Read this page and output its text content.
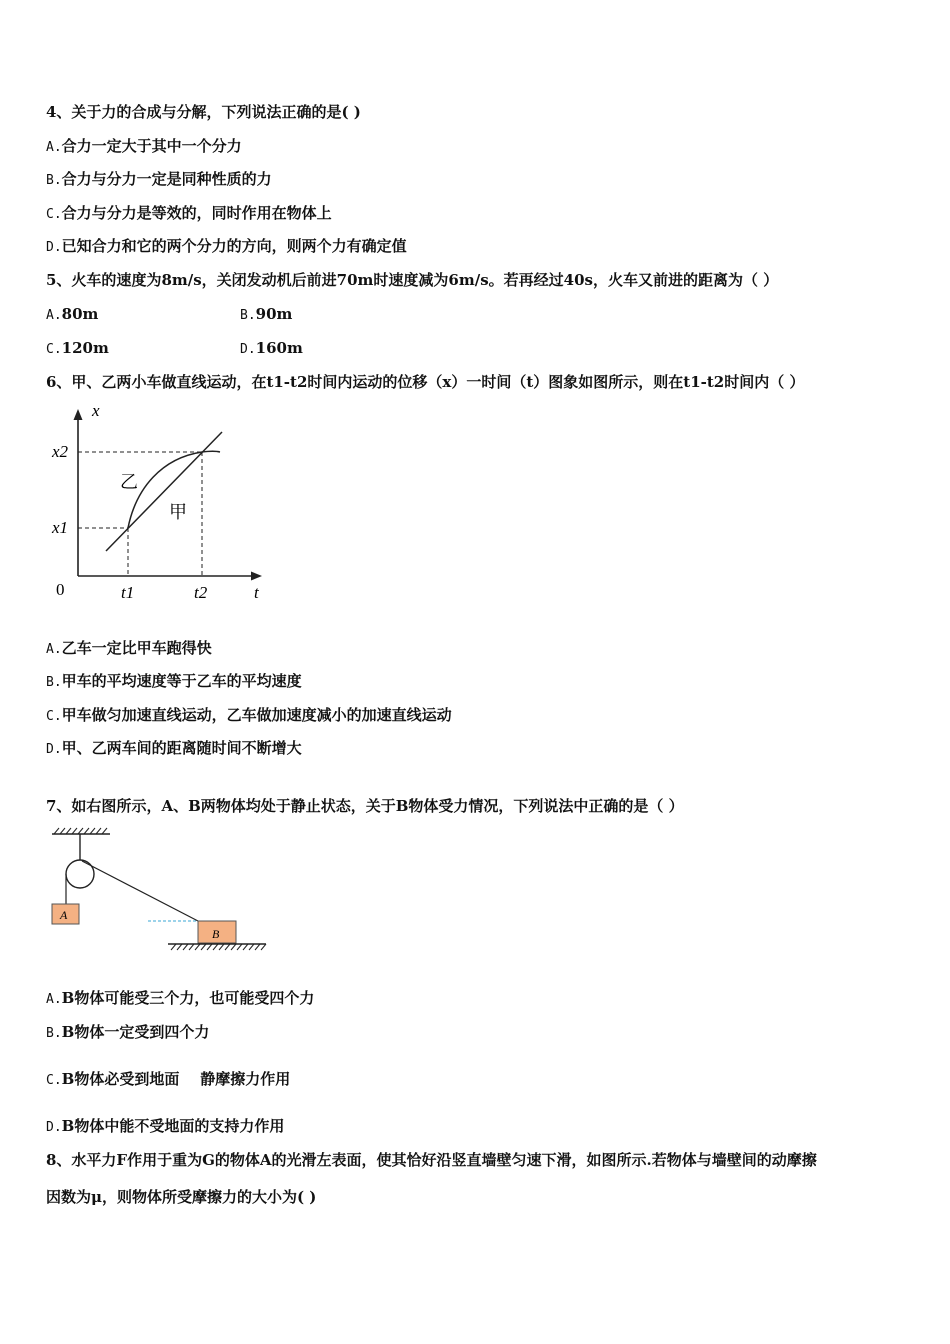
4、关于力的合成与分解，下列说法正确的是( )
A.合力一定大于其中一个分力
B.合力与分力一定是同种性质的力
C.合力与分力是等效的，同时作用在物体上
D.已知合力和它的两个分力的方向，则两个力有确定值
5、火车的速度为8m/s，关闭发动机后前进70m时速度减为6m/s。若再经过40s，火车又前进的距离为（ ）
A.80m	B.90m
C.120m	D.160m
6、甲、乙两小车做直线运动，在t1-t2时间内运动的位移（x）一时间（t）图象如图所示，则在t1-t2时间内（ ）
x
t
0
x2
x1
t1	t2
乙
甲
A.乙车一定比甲车跑得快
B.甲车的平均速度等于乙车的平均速度
C.甲车做匀加速直线运动，乙车做加速度减小的加速直线运动
D.甲、乙两车间的距离随时间不断增大
7、如右图所示，A、B两物体均处于静止状态，关于B物体受力情况，下列说法中正确的是（ ）
A
B
A.B物体可能受三个力，也可能受四个力
B.B物体一定受到四个力
C.B物体必受到地面    静摩擦力作用
D.B物体中能不受地面的支持力作用
8、水平力F作用于重为G的物体A的光滑左表面，使其恰好沿竖直墙壁匀速下滑，如图所示.若物体与墙壁间的动摩擦
因数为μ，则物体所受摩擦力的大小为( )
